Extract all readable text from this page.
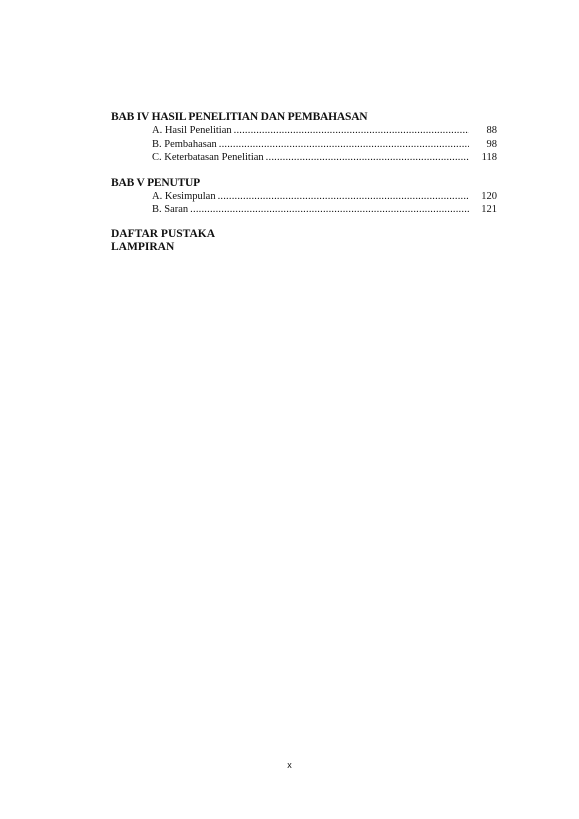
BAB IV HASIL PENELITIAN DAN PEMBAHASAN
A. Hasil Penelitian .....	88
B. Pembahasan .....	98
C. Keterbatasan Penelitian .....	118
BAB V PENUTUP
A. Kesimpulan .....	120
B. Saran .....	121
DAFTAR PUSTAKA
LAMPIRAN
x
